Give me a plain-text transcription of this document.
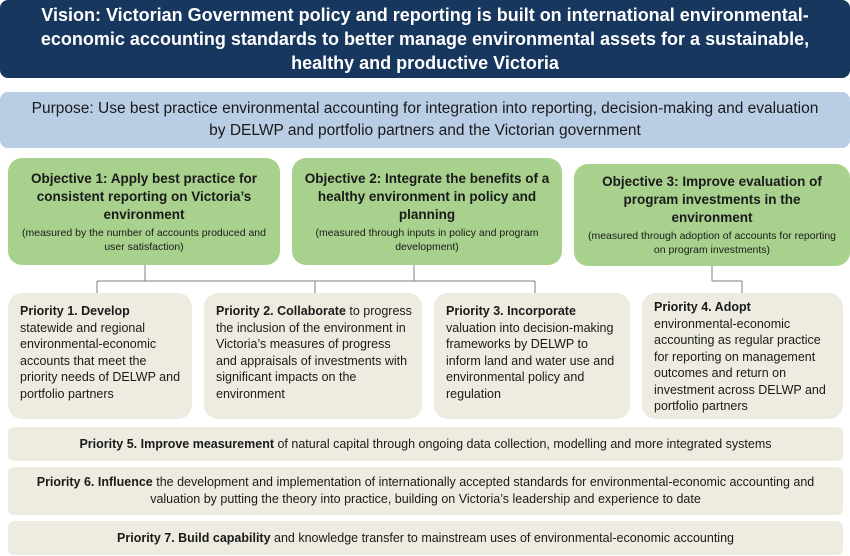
Vision: Victorian Government policy and reporting is built on international environmental-economic accounting standards to better manage environmental assets for a sustainable, healthy and productive Victoria
Purpose: Use best practice environmental accounting for integration into reporting, decision-making and evaluation by DELWP and portfolio partners and the Victorian government
Objective 1: Apply best practice for consistent reporting on Victoria’s environment
(measured by the number of accounts produced and user satisfaction)
Objective 2: Integrate the benefits of a healthy environment in policy and planning
(measured through inputs in policy and program development)
Objective 3: Improve evaluation of program investments in the environment
(measured through adoption of accounts for reporting on program investments)
Priority 1. Develop statewide and regional environmental-economic accounts that meet the priority needs of DELWP and portfolio partners
Priority 2. Collaborate to progress the inclusion of the environment in Victoria’s measures of progress and appraisals of investments with significant impacts on the environment
Priority 3. Incorporate valuation into decision-making frameworks by DELWP to inform land and water use and environmental policy and regulation
Priority 4. Adopt environmental-economic accounting as regular practice for reporting on management outcomes and return on investment across DELWP and portfolio partners
Priority 5. Improve measurement of natural capital through ongoing data collection, modelling and more integrated systems
Priority 6. Influence the development and implementation of internationally accepted standards for environmental-economic accounting and valuation by putting the theory into practice, building on Victoria’s leadership and experience to date
Priority 7. Build capability and knowledge transfer to mainstream uses of environmental-economic accounting
